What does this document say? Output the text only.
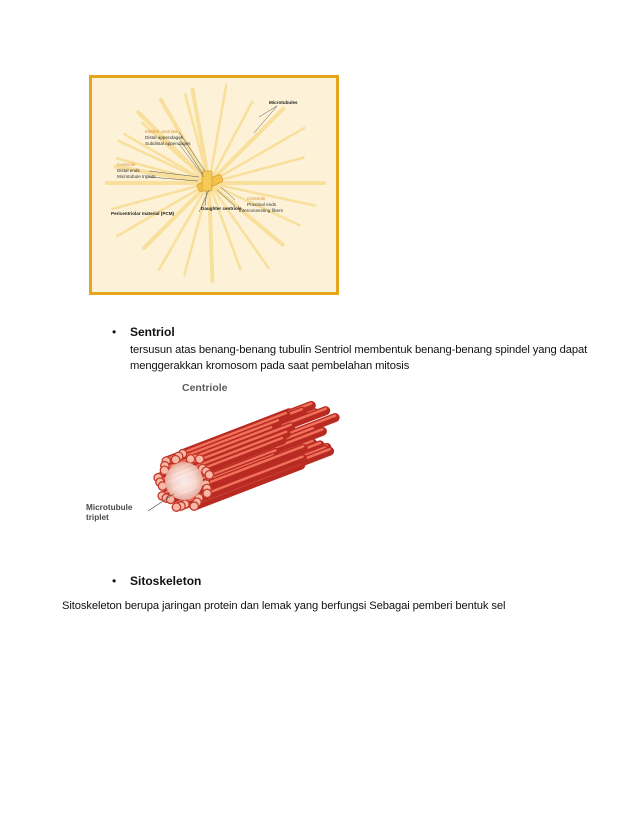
Microtubules
Mother centriole
Distal appendages
Subdistal appendages
Centriole
Distal ends
Microtubule triplets
Pericentriolar material (PCM)
Daughter centriole
Centriole
Proximal ends
Interconnecting fibers
• Sentriol
tersusun atas benang-benang tubulin Sentriol membentuk benang-benang spindel yang dapat
menggerakkan kromosom pada saat pembelahan mitosis
Centriole
Microtubule
triplet
• Sitoskeleton
Sitoskeleton berupa jaringan protein dan lemak yang berfungsi Sebagai pemberi bentuk sel
